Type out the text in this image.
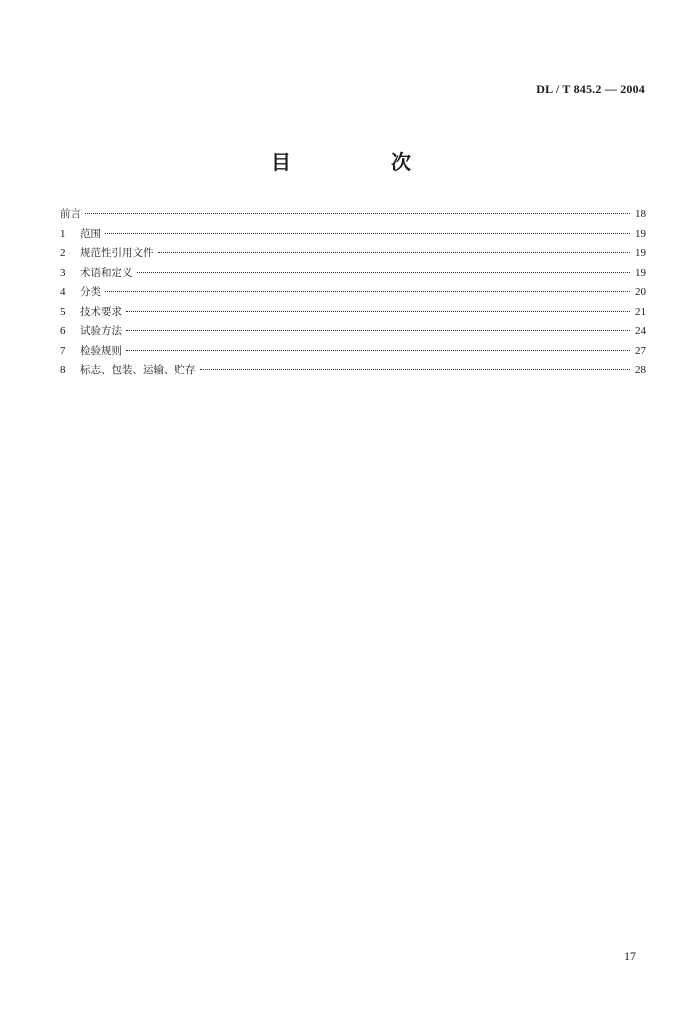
DL / T 845.2 — 2004
目　次
前言	18
1	范围	19
2	规范性引用文件	19
3	术语和定义	19
4	分类	20
5	技术要求	21
6	试验方法	24
7	检验规则	27
8	标志、包装、运输、贮存	28
17
